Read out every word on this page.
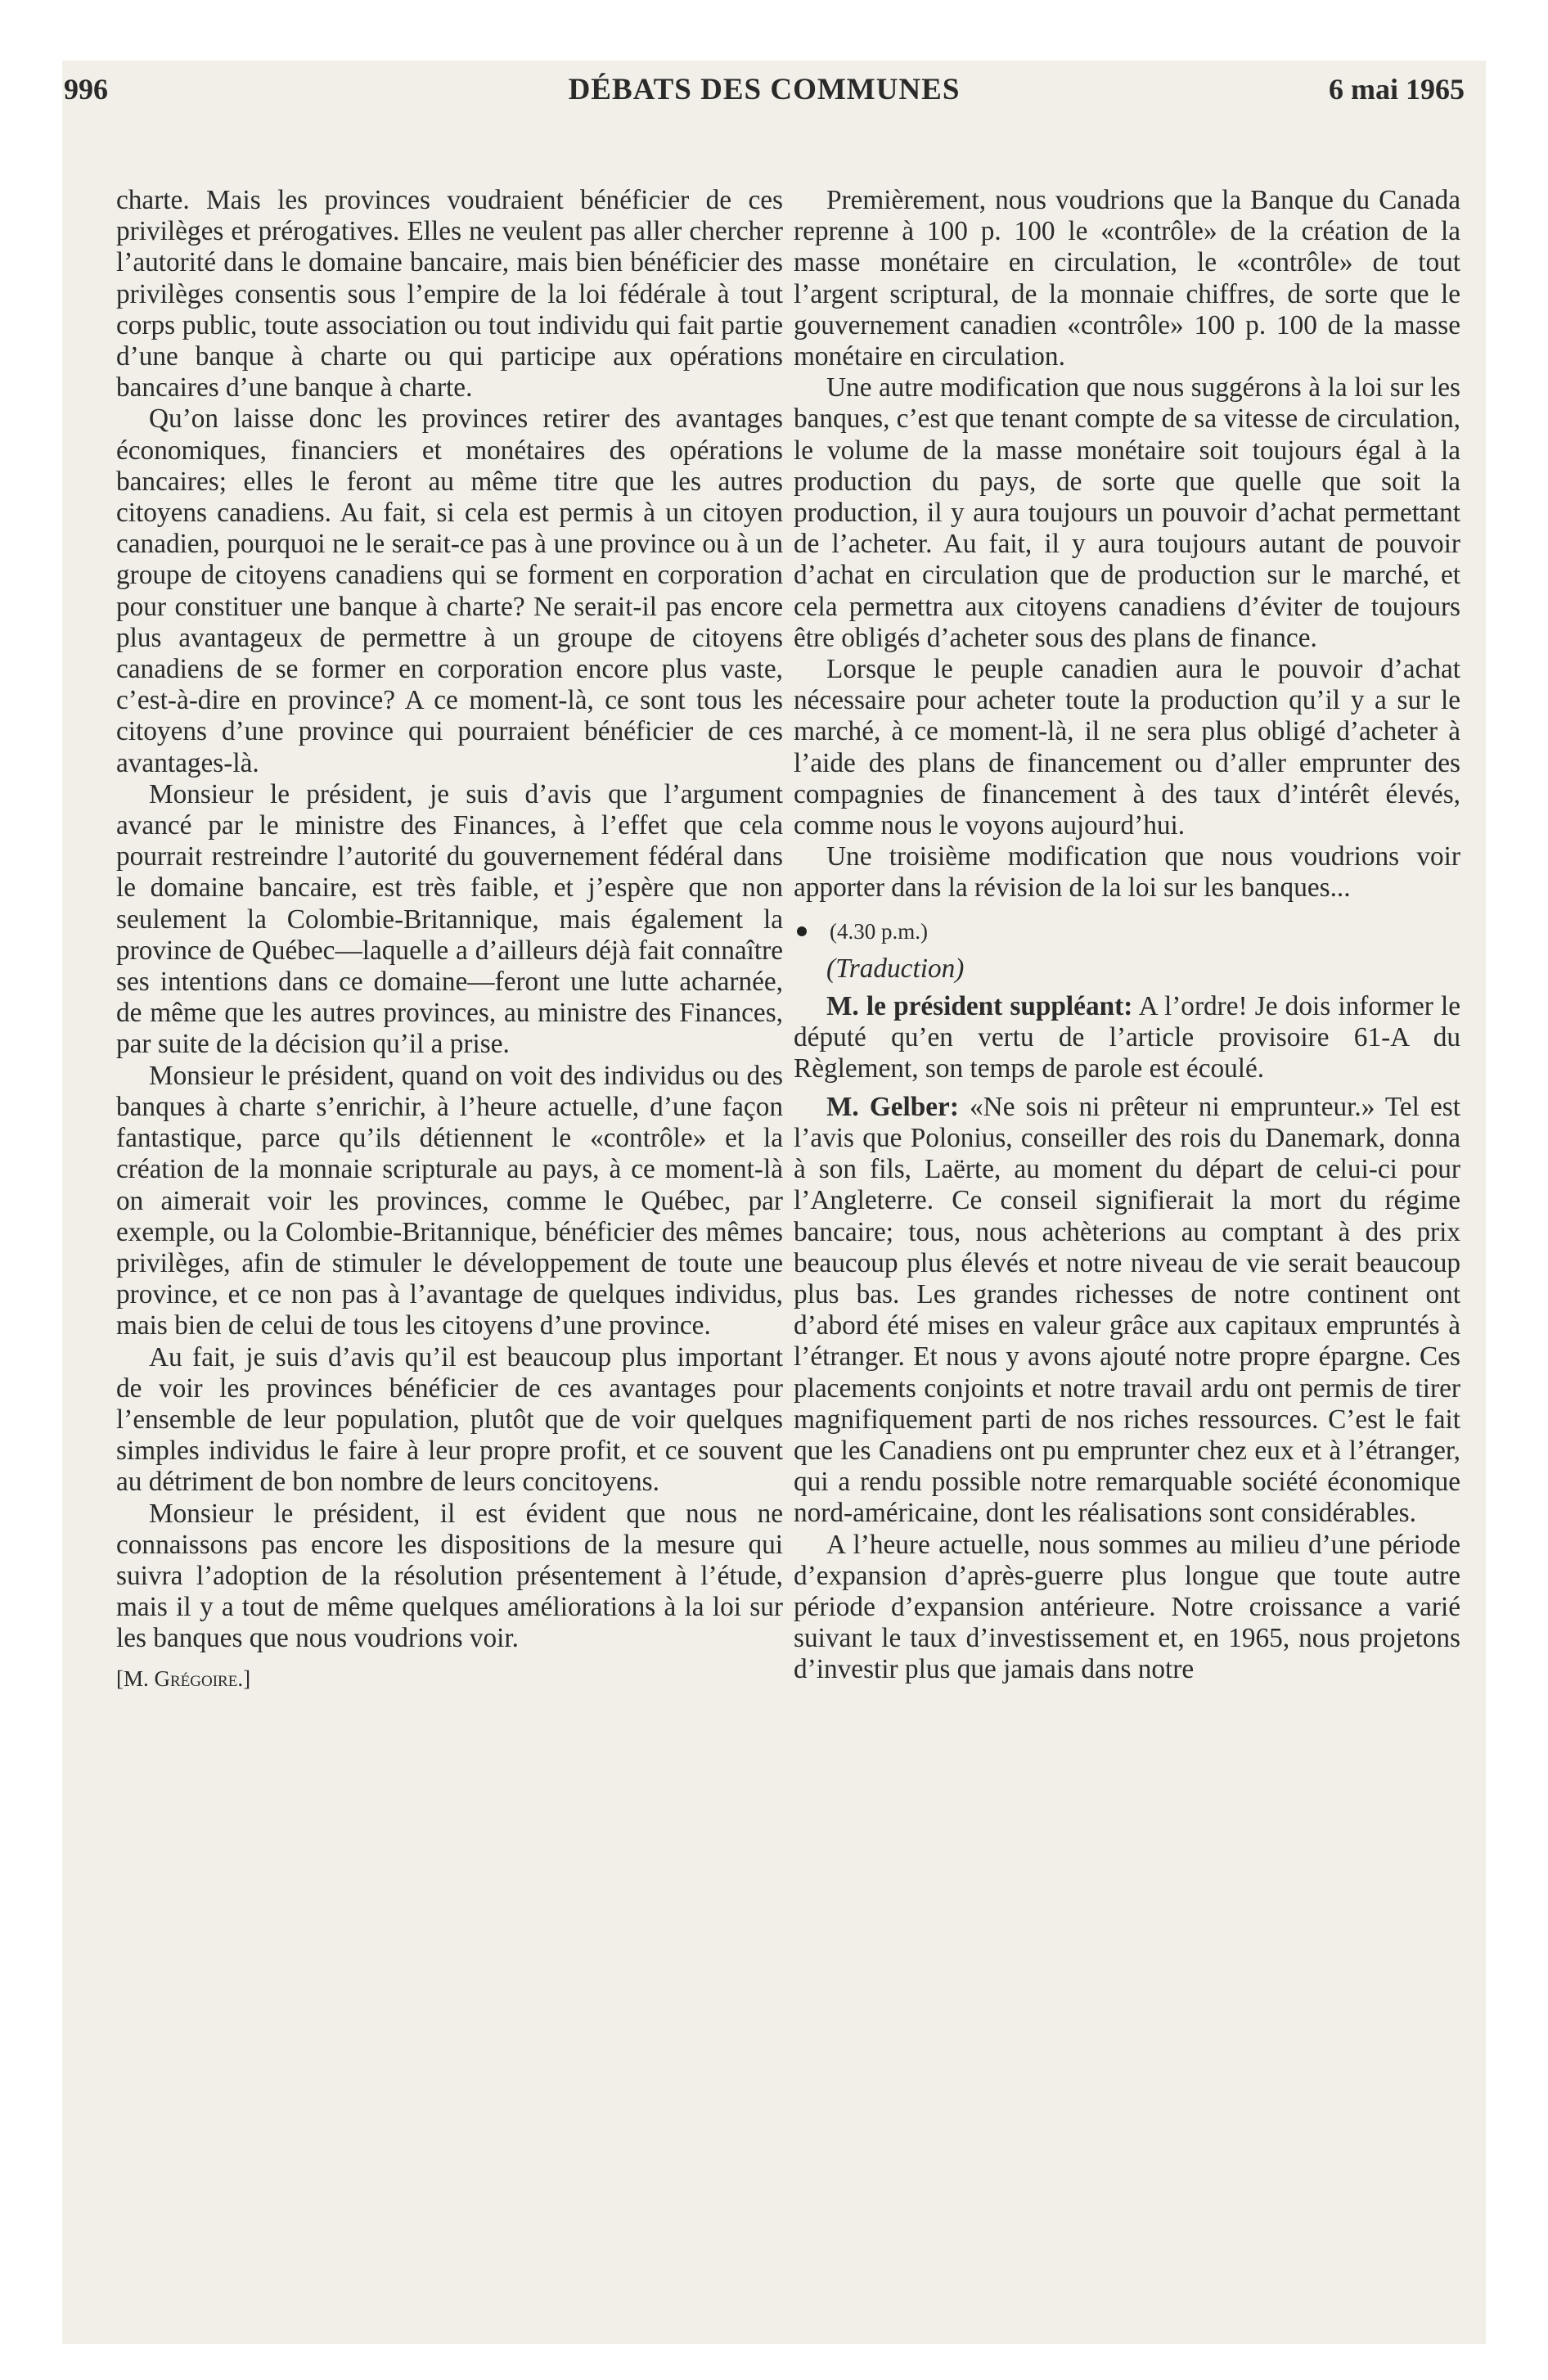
996	DÉBATS DES COMMUNES	6 mai 1965

charte. Mais les provinces voudraient bénéficier de ces privilèges et prérogatives. Elles ne veulent pas aller chercher l’autorité dans le domaine bancaire, mais bien bénéficier des privilèges consentis sous l’empire de la loi fédérale à tout corps public, toute association ou tout individu qui fait partie d’une banque à charte ou qui participe aux opérations bancaires d’une banque à charte.

Qu’on laisse donc les provinces retirer des avantages économiques, financiers et monétaires des opérations bancaires; elles le feront au même titre que les autres citoyens canadiens. Au fait, si cela est permis à un citoyen canadien, pourquoi ne le serait-ce pas à une province ou à un groupe de citoyens canadiens qui se forment en corporation pour constituer une banque à charte? Ne serait-il pas encore plus avantageux de permettre à un groupe de citoyens canadiens de se former en corporation encore plus vaste, c’est-à-dire en province? A ce moment-là, ce sont tous les citoyens d’une province qui pourraient bénéficier de ces avantages-là.

Monsieur le président, je suis d’avis que l’argument avancé par le ministre des Finances, à l’effet que cela pourrait restreindre l’autorité du gouvernement fédéral dans le domaine bancaire, est très faible, et j’espère que non seulement la Colombie-Britannique, mais également la province de Québec—laquelle a d’ailleurs déjà fait connaître ses intentions dans ce domaine—feront une lutte acharnée, de même que les autres provinces, au ministre des Finances, par suite de la décision qu’il a prise.

Monsieur le président, quand on voit des individus ou des banques à charte s’enrichir, à l’heure actuelle, d’une façon fantastique, parce qu’ils détiennent le «contrôle» et la création de la monnaie scripturale au pays, à ce moment-là on aimerait voir les provinces, comme le Québec, par exemple, ou la Colombie-Britannique, bénéficier des mêmes privilèges, afin de stimuler le développement de toute une province, et ce non pas à l’avantage de quelques individus, mais bien de celui de tous les citoyens d’une province.

Au fait, je suis d’avis qu’il est beaucoup plus important de voir les provinces bénéficier de ces avantages pour l’ensemble de leur population, plutôt que de voir quelques simples individus le faire à leur propre profit, et ce souvent au détriment de bon nombre de leurs concitoyens.

Monsieur le président, il est évident que nous ne connaissons pas encore les dispositions de la mesure qui suivra l’adoption de la résolution présentement à l’étude, mais il y a tout de même quelques améliorations à la loi sur les banques que nous voudrions voir.

[M. Grégoire.]

Premièrement, nous voudrions que la Banque du Canada reprenne à 100 p. 100 le «contrôle» de la création de la masse monétaire en circulation, le «contrôle» de tout l’argent scriptural, de la monnaie chiffres, de sorte que le gouvernement canadien «contrôle» 100 p. 100 de la masse monétaire en circulation.

Une autre modification que nous suggérons à la loi sur les banques, c’est que tenant compte de sa vitesse de circulation, le volume de la masse monétaire soit toujours égal à la production du pays, de sorte que quelle que soit la production, il y aura toujours un pouvoir d’achat permettant de l’acheter. Au fait, il y aura toujours autant de pouvoir d’achat en circulation que de production sur le marché, et cela permettra aux citoyens canadiens d’éviter de toujours être obligés d’acheter sous des plans de finance.

Lorsque le peuple canadien aura le pouvoir d’achat nécessaire pour acheter toute la production qu’il y a sur le marché, à ce moment-là, il ne sera plus obligé d’acheter à l’aide des plans de financement ou d’aller emprunter des compagnies de financement à des taux d’intérêt élevés, comme nous le voyons aujourd’hui.

Une troisième modification que nous voudrions voir apporter dans la révision de la loi sur les banques...

(4.30 p.m.)

(Traduction)

M. le président suppléant: A l’ordre! Je dois informer le député qu’en vertu de l’article provisoire 61-A du Règlement, son temps de parole est écoulé.

M. Gelber: «Ne sois ni prêteur ni emprunteur.» Tel est l’avis que Polonius, conseiller des rois du Danemark, donna à son fils, Laërte, au moment du départ de celui-ci pour l’Angleterre. Ce conseil signifierait la mort du régime bancaire; tous, nous achèterions au comptant à des prix beaucoup plus élevés et notre niveau de vie serait beaucoup plus bas. Les grandes richesses de notre continent ont d’abord été mises en valeur grâce aux capitaux empruntés à l’étranger. Et nous y avons ajouté notre propre épargne. Ces placements conjoints et notre travail ardu ont permis de tirer magnifiquement parti de nos riches ressources. C’est le fait que les Canadiens ont pu emprunter chez eux et à l’étranger, qui a rendu possible notre remarquable société économique nord-américaine, dont les réalisations sont considérables.

A l’heure actuelle, nous sommes au milieu d’une période d’expansion d’après-guerre plus longue que toute autre période d’expansion antérieure. Notre croissance a varié suivant le taux d’investissement et, en 1965, nous projetons d’investir plus que jamais dans notre
